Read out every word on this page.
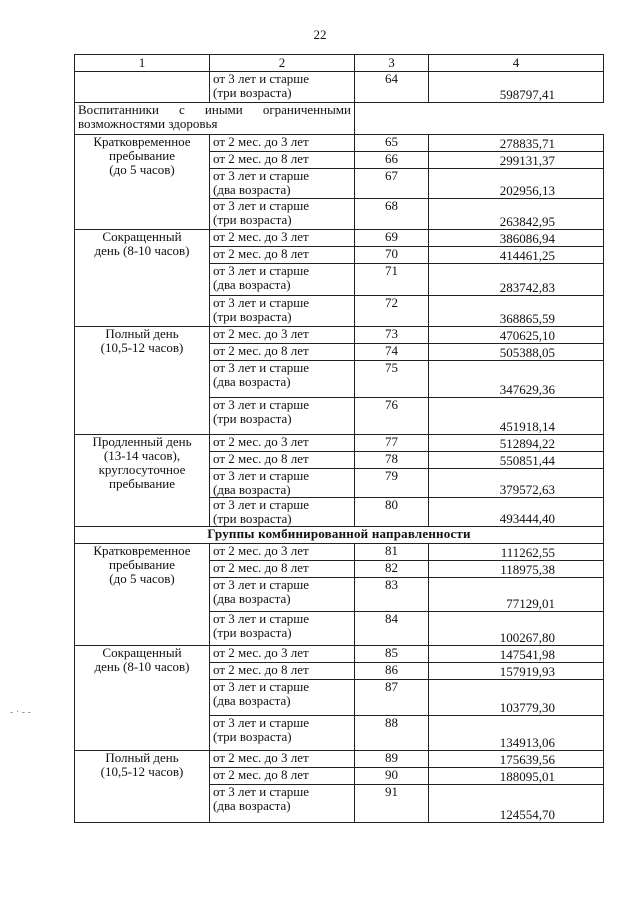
22
1	2	3	4
	от 3 лет и старше
(три возраста)	64	598797,41
Воспитанники с иными ограниченными возможностями здоровья			
Кратковременное
пребывание
(до 5 часов)	от 2 мес. до 3 лет	65	278835,71
	от 2 мес. до 8 лет	66	299131,37
	от 3 лет и старше
(два возраста)	67	202956,13
	от 3 лет и старше
(три возраста)	68	263842,95
Сокращенный
день (8-10 часов)	от 2 мес. до 3 лет	69	386086,94
	от 2 мес. до 8 лет	70	414461,25
	от 3 лет и старше
(два возраста)	71	283742,83
	от 3 лет и старше
(три возраста)	72	368865,59
Полный день
(10,5-12 часов)	от 2 мес. до 3 лет	73	470625,10
	от 2 мес. до 8 лет	74	505388,05
	от 3 лет и старше
(два возраста)	75	347629,36
	от 3 лет и старше
(три возраста)	76	451918,14
Продленный день
(13-14 часов),
круглосуточное
пребывание	от 2 мес. до 3 лет	77	512894,22
	от 2 мес. до 8 лет	78	550851,44
	от 3 лет и старше
(два возраста)	79	379572,63
	от 3 лет и старше
(три возраста)	80	493444,40
Группы комбинированной направленности			
Кратковременное
пребывание
(до 5 часов)	от 2 мес. до 3 лет	81	111262,55
	от 2 мес. до 8 лет	82	118975,38
	от 3 лет и старше
(два возраста)	83	77129,01
	от 3 лет и старше
(три возраста)	84	100267,80
Сокращенный
день (8-10 часов)	от 2 мес. до 3 лет	85	147541,98
	от 2 мес. до 8 лет	86	157919,93
	от 3 лет и старше
(два возраста)	87	103779,30
	от 3 лет и старше
(три возраста)	88	134913,06
Полный день
(10,5-12 часов)	от 2 мес. до 3 лет	89	175639,56
	от 2 мес. до 8 лет	90	188095,01
	от 3 лет и старше
(два возраста)	91	124554,70
- · - -
